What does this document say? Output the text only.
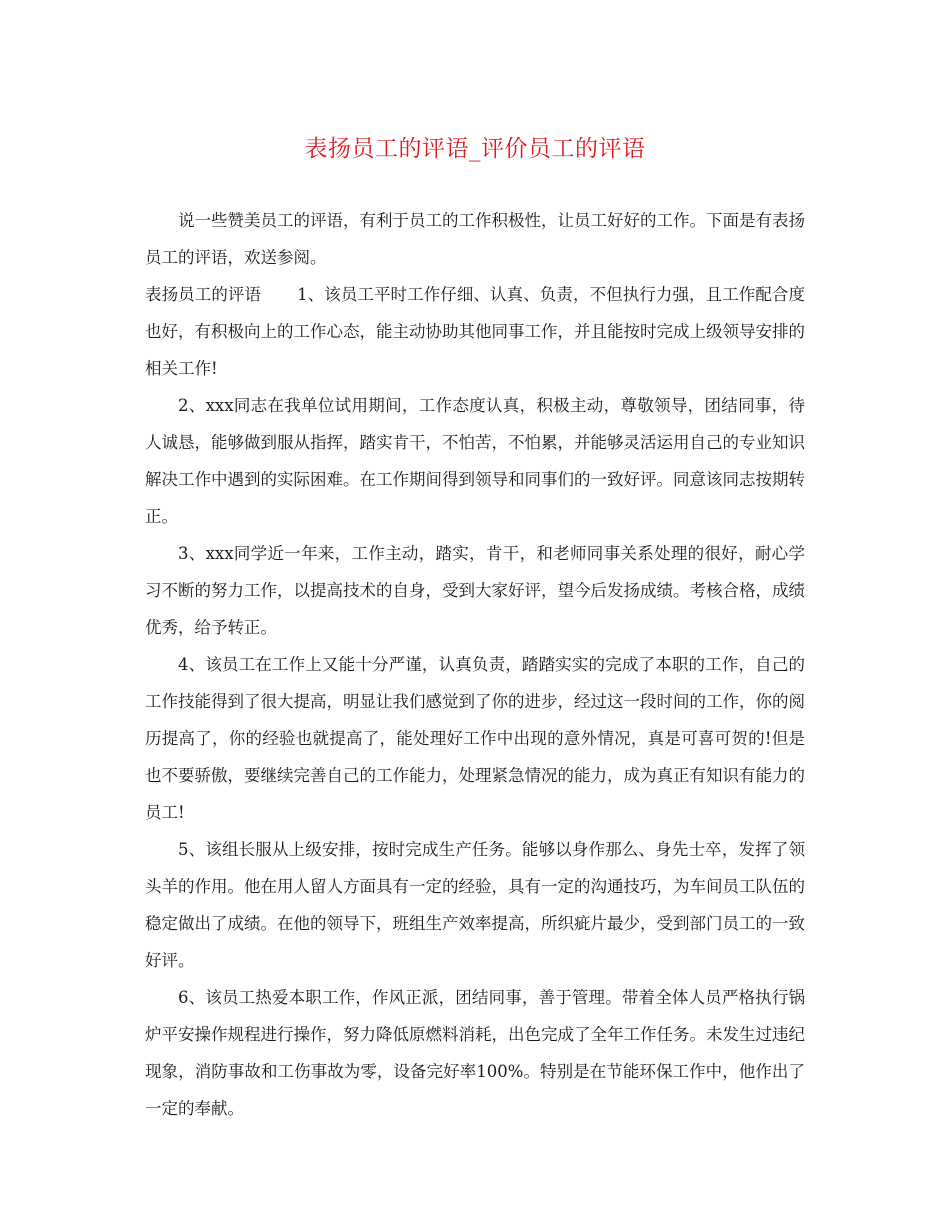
表扬员工的评语_评价员工的评语

说一些赞美员工的评语，有利于员工的工作积极性，让员工好好的工作。下面是有表扬员工的评语，欢送参阅。

表扬员工的评语 1、该员工平时工作仔细、认真、负责，不但执行力强，且工作配合度也好，有积极向上的工作心态，能主动协助其他同事工作，并且能按时完成上级领导安排的相关工作!

2、xxx同志在我单位试用期间，工作态度认真，积极主动，尊敬领导，团结同事，待人诚恳，能够做到服从指挥，踏实肯干，不怕苦，不怕累，并能够灵活运用自己的专业知识解决工作中遇到的实际困难。在工作期间得到领导和同事们的一致好评。同意该同志按期转正。

3、xxx同学近一年来，工作主动，踏实，肯干，和老师同事关系处理的很好，耐心学习不断的努力工作，以提高技术的自身，受到大家好评，望今后发扬成绩。考核合格，成绩优秀，给予转正。

4、该员工在工作上又能十分严谨，认真负责，踏踏实实的完成了本职的工作，自己的工作技能得到了很大提高，明显让我们感觉到了你的进步，经过这一段时间的工作，你的阅历提高了，你的经验也就提高了，能处理好工作中出现的意外情况，真是可喜可贺的!但是也不要骄傲，要继续完善自己的工作能力，处理紧急情况的能力，成为真正有知识有能力的员工!

5、该组长服从上级安排，按时完成生产任务。能够以身作那么、身先士卒，发挥了领头羊的作用。他在用人留人方面具有一定的经验，具有一定的沟通技巧，为车间员工队伍的稳定做出了成绩。在他的领导下，班组生产效率提高，所织疵片最少，受到部门员工的一致好评。

6、该员工热爱本职工作，作风正派，团结同事，善于管理。带着全体人员严格执行锅炉平安操作规程进行操作，努力降低原燃料消耗，出色完成了全年工作任务。未发生过违纪现象，消防事故和工伤事故为零，设备完好率100%。特别是在节能环保工作中，他作出了一定的奉献。
